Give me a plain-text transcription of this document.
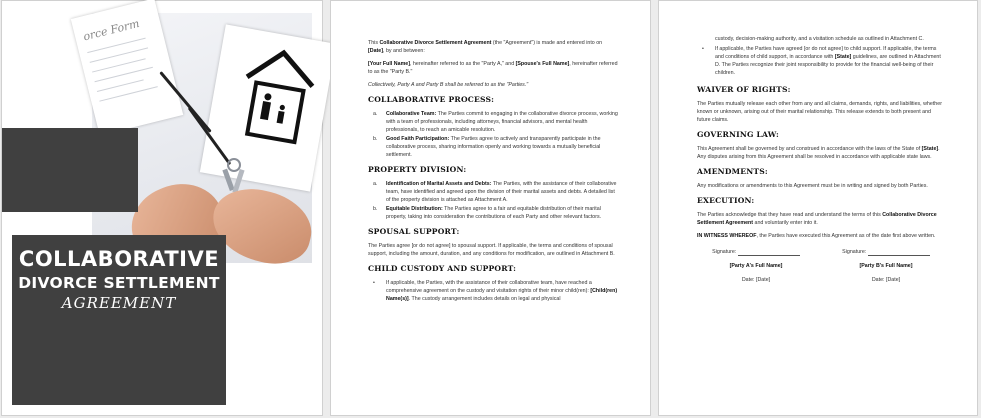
orce Form
COLLABORATIVE
DIVORCE SETTLEMENT
AGREEMENT

This Collaborative Divorce Settlement Agreement (the "Agreement") is made and entered into on [Date], by and between:

[Your Full Name], hereinafter referred to as the "Party A," and [Spouse's Full Name], hereinafter referred to as the "Party B."

Collectively, Party A and Party B shall be referred to as the "Parties."

COLLABORATIVE PROCESS:
a. Collaborative Team: The Parties commit to engaging in the collaborative divorce process, working with a team of professionals, including attorneys, financial advisors, and mental health professionals, to reach an amicable resolution.
b. Good Faith Participation: The Parties agree to actively and transparently participate in the collaborative process, sharing information openly and working towards a mutually beneficial settlement.
PROPERTY DIVISION:
a. Identification of Marital Assets and Debts: The Parties, with the assistance of their collaborative team, have identified and agreed upon the division of their marital assets and debts. A detailed list of the property division is attached as Attachment A.
b. Equitable Distribution: The Parties agree to a fair and equitable distribution of their marital property, taking into consideration the contributions of each Party and other relevant factors.
SPOUSAL SUPPORT:

The Parties agree [or do not agree] to spousal support. If applicable, the terms and conditions of spousal support, including the amount, duration, and any conditions for modification, are outlined in Attachment B.

CHILD CUSTODY AND SUPPORT:
• If applicable, the Parties, with the assistance of their collaborative team, have reached a comprehensive agreement on the custody and visitation rights of their minor child(ren): [Child(ren) Name(s)]. The custody arrangement includes details on legal and physical
custody, decision-making authority, and a visitation schedule as outlined in Attachment C.
• If applicable, the Parties have agreed [or do not agree] to child support. If applicable, the terms and conditions of child support, in accordance with [State] guidelines, are outlined in Attachment D. The Parties recognize their joint responsibility to provide for the financial well-being of their children.
WAIVER OF RIGHTS:

The Parties mutually release each other from any and all claims, demands, rights, and liabilities, whether known or unknown, arising out of their marital relationship. This release extends to both present and future claims.

GOVERNING LAW:

This Agreement shall be governed by and construed in accordance with the laws of the State of [State]. Any disputes arising from this Agreement shall be resolved in accordance with applicable state laws.

AMENDMENTS:

Any modifications or amendments to this Agreement must be in writing and signed by both Parties.

EXECUTION:

The Parties acknowledge that they have read and understand the terms of this Collaborative Divorce Settlement Agreement and voluntarily enter into it.

IN WITNESS WHEREOF, the Parties have executed this Agreement as of the date first above written.

Signature:
[Party A's Full Name]
Date: [Date]
Signature:
[Party B's Full Name]
Date: [Date]
